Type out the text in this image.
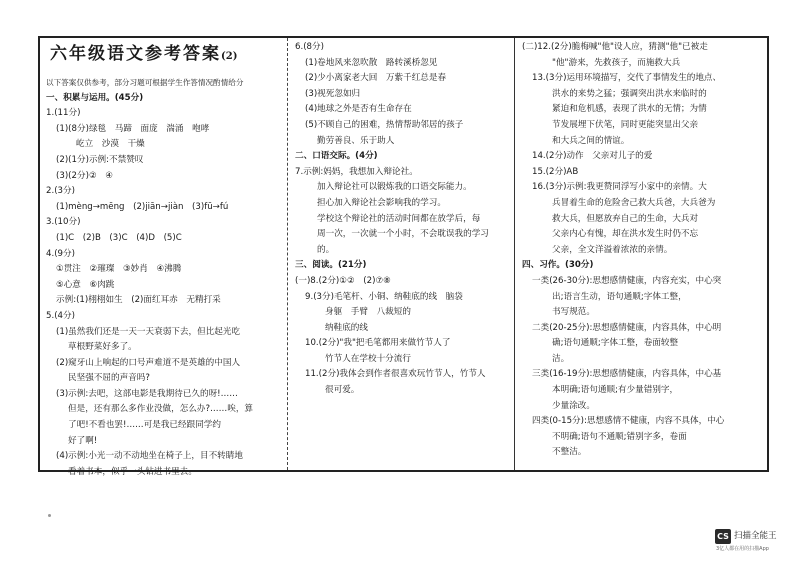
六年级语文参考答案(2)
以下答案仅供参考，部分习题可根据学生作答情况酌情给分
一、积累与运用。(45分)
1.(11分)
(1)(8分)绿毯　马蹄　面庞　湍涌　咆哮
屹立　沙漠　干燥
(2)(1分)示例:不禁赞叹
(3)(2分)②　④
2.(3分)
(1)mèng→mēng　(2)jiān→jiàn　(3)fū→fú
3.(10分)
(1)C　(2)B　(3)C　(4)D　(5)C
4.(9分)
①贯注　②璀璨　③妙肖　④沸腾
⑤心意　⑥肉跳
示例:(1)栩栩如生　(2)面红耳赤　无精打采
5.(4分)
(1)虽然我们还是一天一天衰弱下去，但比起光吃
草根野菜好多了。
(2)窥牙山上响起的口号声难道不是英雄的中国人
民坚强不屈的声音吗?
(3)示例:去吧，这部电影是我期待已久的呀!……
但是，还有那么多作业没做，怎么办?……唉，算
了吧!不看也罢!……可是我已经跟同学约
好了啊!
(4)示例:小光一动不动地坐在椅子上，目不转睛地
看着书本，似乎一头钻进书里去。
6.(8分)
(1)卷地风来忽吹散　路转溪桥忽见
(2)少小离家老大回　万紫千红总是春
(3)视死忽如归
(4)地球之外是否有生命存在
(5)不顾自己的困难，热情帮助邻居的孩子
勤劳善良、乐于助人
二、口语交际。(4分)
7.示例:妈妈，我想加入辩论社。
加入辩论社可以锻炼我的口语交际能力。
担心加入辩论社会影响我的学习。
学校这个辩论社的活动时间都在放学后，每
周一次，一次就一个小时，不会耽误我的学习
的。
三、阅读。(21分)
(一)8.(2分)①②　(2)⑦⑧
9.(3分)毛笔杆、小铜、纳鞋底的线　脑袋
身躯　手臂　八裁短的
纳鞋底的线
10.(2分)"我"把毛笔都用来做竹节人了
竹节人在学校十分流行
11.(2分)我体会到作者很喜欢玩竹节人，竹节人
很可爱。
(二)12.(2分)脆梅喊"他"设人应，猜测"他"已被走
"他"游来，先救孩子，而施救大兵
13.(3分)运用环境描写，交代了事情发生的地点、
洪水的来势之猛；强调突出洪水来临时的
紧迫和危机感，表现了洪水的无情；为情
节发展埋下伏笔，同时更能突显出父亲
和大兵之间的情谊。
14.(2分)动作　父亲对儿子的爱
15.(2分)AB
16.(3分)示例:我更赞同浮写小家中的亲情。大
兵冒着生命的危险舍己救大兵爸，大兵爸为
救大兵，但愿放弃自己的生命，大兵对
父亲内心有愧，却在洪水发生时仍不忘
父亲，全文洋溢着浓浓的亲情。
四、习作。(30分)
一类(26-30分):思想感情健康，内容充实，中心突
出;语言生动，语句通顺;字体工整，
书写规范。
二类(20-25分):思想感情健康，内容具体，中心明
确;语句通顺;字体工整，卷面较整
洁。
三类(16-19分):思想感情健康，内容具体，中心基
本明确;语句通顺;有少量错别字，
少量涂改。
四类(0-15分):思想感情不健康，内容不具体，中心
不明确;语句不通顺;错别字多，卷面
不整洁。
CS 扫描全能王
3亿人都在用的扫描App
